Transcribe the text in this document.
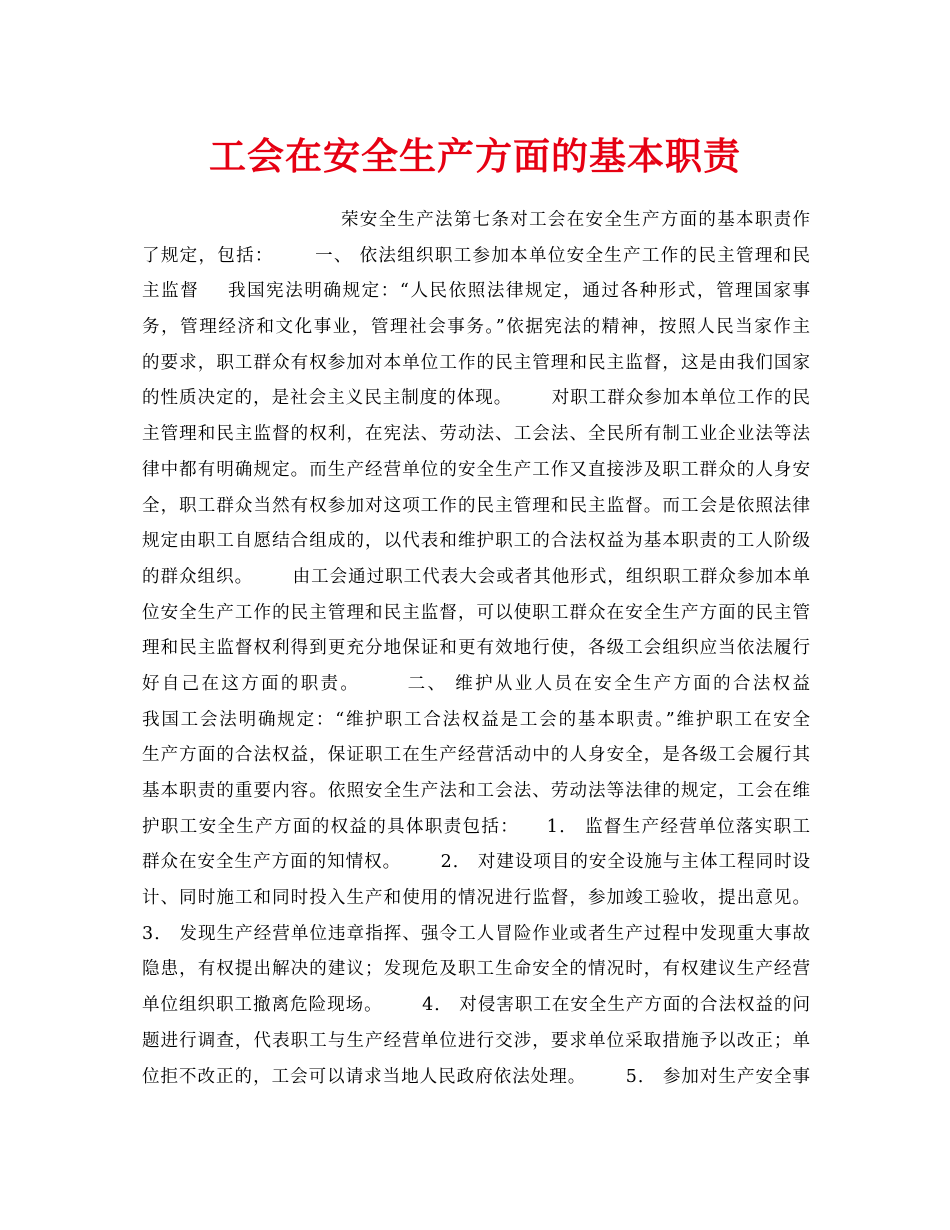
工会在安全生产方面的基本职责
荣安全生产法第七条对工会在安全生产方面的基本职责作
了规定，包括：      一、 依法组织职工参加本单位安全生产工作的民主管理和民
主监督    我国宪法明确规定：“人民依照法律规定，通过各种形式，管理国家事
务，管理经济和文化事业，管理社会事务。”依据宪法的精神，按照人民当家作主
的要求，职工群众有权参加对本单位工作的民主管理和民主监督，这是由我们国家
的性质决定的，是社会主义民主制度的体现。      对职工群众参加本单位工作的民
主管理和民主监督的权利，在宪法、劳动法、工会法、全民所有制工业企业法等法
律中都有明确规定。而生产经营单位的安全生产工作又直接涉及职工群众的人身安
全，职工群众当然有权参加对这项工作的民主管理和民主监督。而工会是依照法律
规定由职工自愿结合组成的，以代表和维护职工的合法权益为基本职责的工人阶级
的群众组织。      由工会通过职工代表大会或者其他形式，组织职工群众参加本单
位安全生产工作的民主管理和民主监督，可以使职工群众在安全生产方面的民主管
理和民主监督权利得到更充分地保证和更有效地行使，各级工会组织应当依法履行
好自己在这方面的职责。      二、 维护从业人员在安全生产方面的合法权益
我国工会法明确规定：“维护职工合法权益是工会的基本职责。”维护职工在安全
生产方面的合法权益，保证职工在生产经营活动中的人身安全，是各级工会履行其
基本职责的重要内容。依照安全生产法和工会法、劳动法等法律的规定，工会在维
护职工安全生产方面的权益的具体职责包括：    1． 监督生产经营单位落实职工
群众在安全生产方面的知情权。      2． 对建设项目的安全设施与主体工程同时设
计、同时施工和同时投入生产和使用的情况进行监督，参加竣工验收，提出意见。
3． 发现生产经营单位违章指挥、强令工人冒险作业或者生产过程中发现重大事故
隐患，有权提出解决的建议；发现危及职工生命安全的情况时，有权建议生产经营
单位组织职工撤离危险现场。      4． 对侵害职工在安全生产方面的合法权益的问
题进行调查，代表职工与生产经营单位进行交涉，要求单位采取措施予以改正；单
位拒不改正的，工会可以请求当地人民政府依法处理。      5． 参加对生产安全事
